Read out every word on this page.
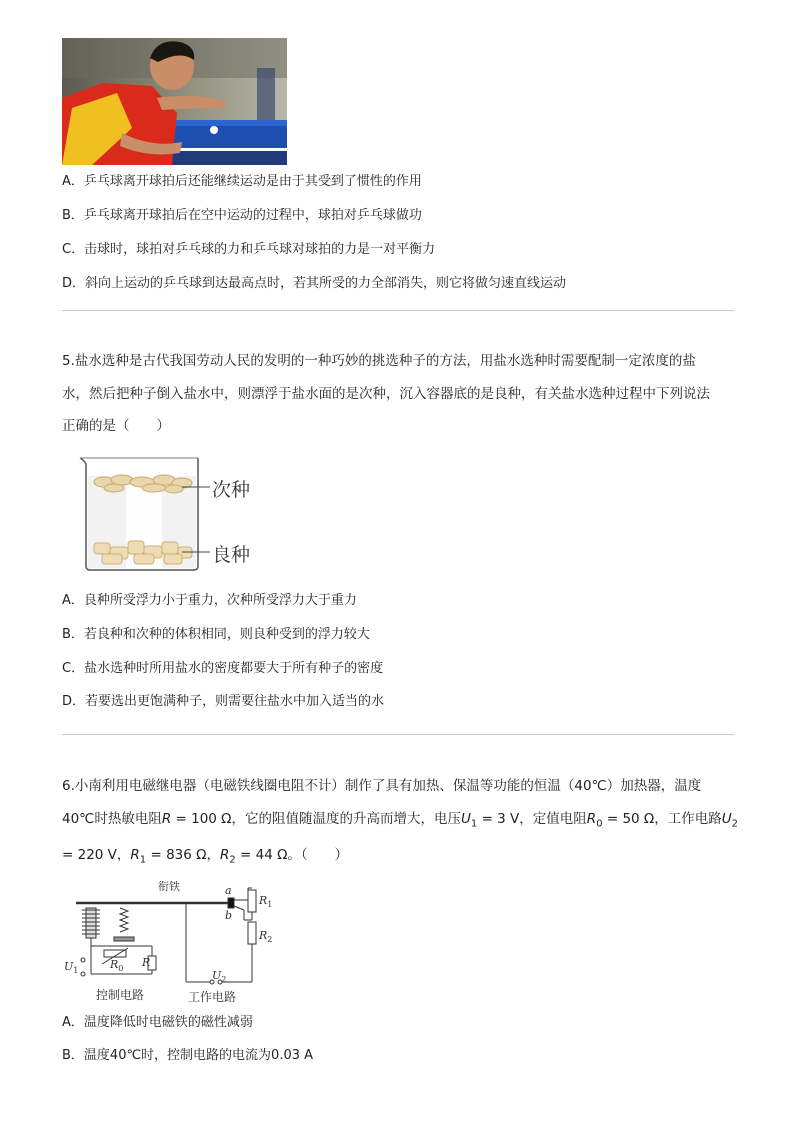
A．乒乓球离开球拍后还能继续运动是由于其受到了惯性的作用
B．乒乓球离开球拍后在空中运动的过程中，球拍对乒乓球做功
C．击球时，球拍对乒乓球的力和乒乓球对球拍的力是一对平衡力
D．斜向上运动的乒乓球到达最高点时，若其所受的力全部消失，则它将做匀速直线运动
5.盐水选种是古代我国劳动人民的发明的一种巧妙的挑选种子的方法，用盐水选种时需要配制一定浓度的盐
水，然后把种子倒入盐水中，则漂浮于盐水面的是次种，沉入容器底的是良种，有关盐水选种过程中下列说法
正确的是（　　）
次种
良种
A．良种所受浮力小于重力，次种所受浮力大于重力
B．若良种和次种的体积相同，则良种受到的浮力较大
C．盐水选种时所用盐水的密度都要大于所有种子的密度
D．若要选出更饱满种子，则需要往盐水中加入适当的水
6.小南利用电磁继电器（电磁铁线圈电阻不计）制作了具有加热、保温等功能的恒温（40℃）加热器，温度
40℃时热敏电阻R = 100 Ω，它的阻值随温度的升高而增大，电压$U_1 = 3$ V，定值电阻$R_0 = 50$ Ω，工作电路$U_2$
= 220 V，$R_1 = 836$ Ω，$R_2 = 44$ Ω。（　　）
衔铁	a
b
$R_1$
$R_2$
$R_0$ R
$U_1$	$U_2$
控制电路	工作电路
A．温度降低时电磁铁的磁性减弱
B．温度40℃时，控制电路的电流为0.03 A
